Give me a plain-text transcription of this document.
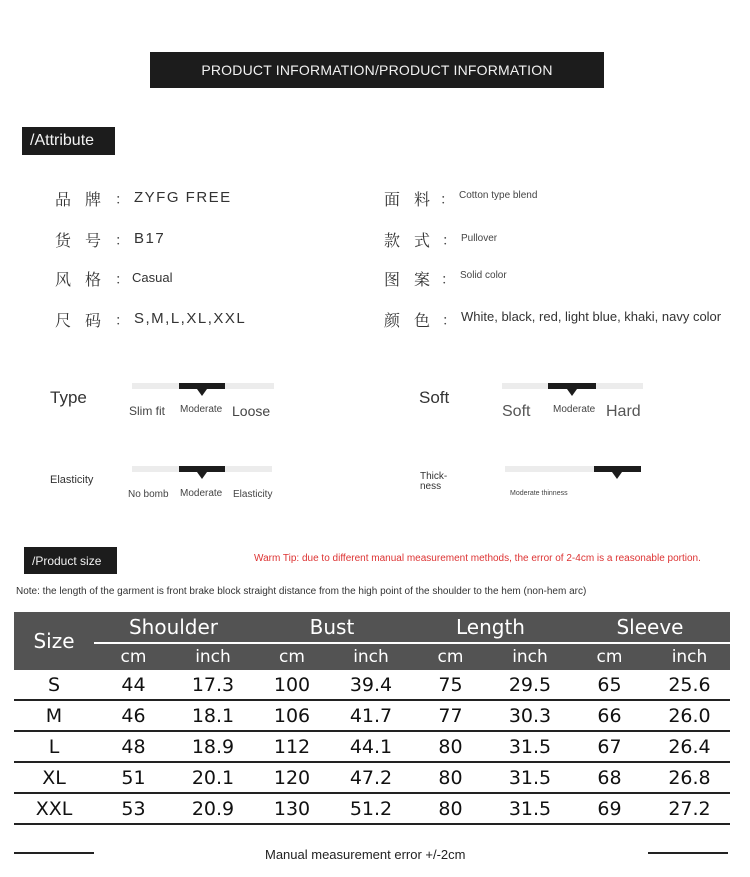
PRODUCT INFORMATION/PRODUCT INFORMATION
/Attribute
品牌 ： ZYFG FREE
货号 ： B17
风格 ： Casual
尺码 ： S,M,L,XL,XXL
面料
： Cotton type blend
款式
： Pullover
图案
： Solid color
颜色
： White, black, red, light blue, khaki, navy color
Type
Slim fit Moderate Loose
Soft
Soft Moderate Hard
Elasticity
No bomb Moderate Elasticity
Thick-
ness
Moderate thinness
/Product size	Warm Tip: due to different manual measurement methods, the error of 2-4cm is a reasonable portion.
Note: the length of the garment is front brake block straight distance from the high point of the shoulder to the hem (non-hem arc)
Size	Shoulder		Bust		Length		Sleeve	
	cm	inch	cm	inch	cm	inch	cm	inch
S	44	17.3	100	39.4	75	29.5	65	25.6
M	46	18.1	106	41.7	77	30.3	66	26.0
L	48	18.9	112	44.1	80	31.5	67	26.4
XL	51	20.1	120	47.2	80	31.5	68	26.8
XXL	53	20.9	130	51.2	80	31.5	69	27.2
Manual measurement error +/-2cm
